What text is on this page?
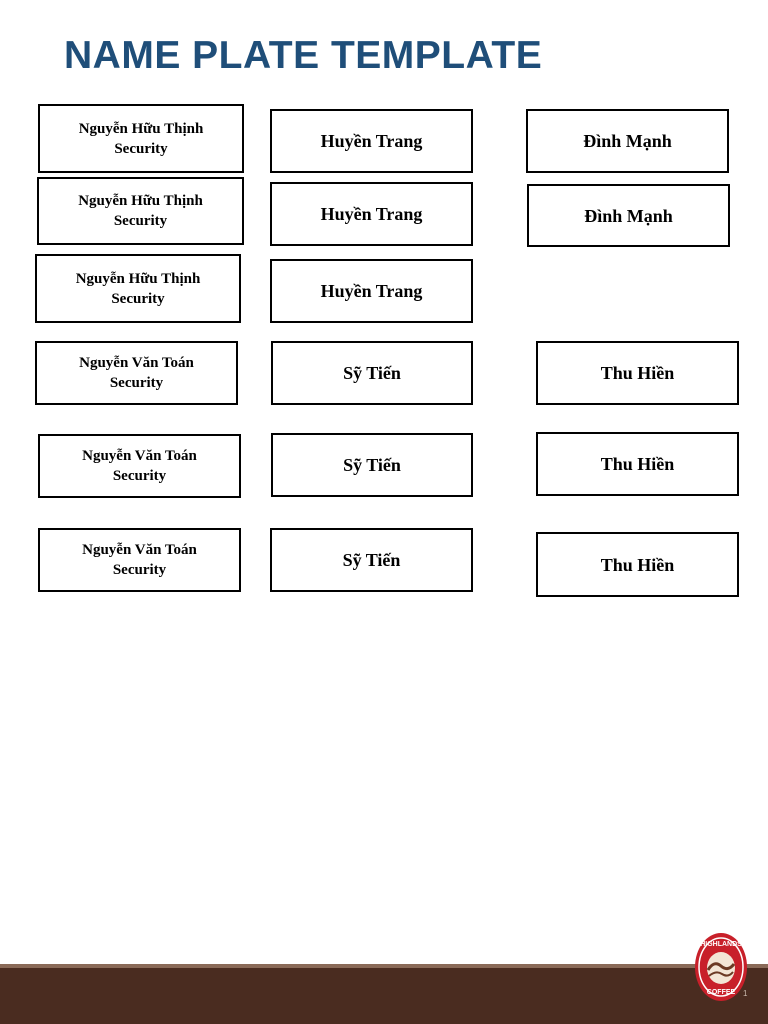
NAME PLATE TEMPLATE
Nguyễn Hữu Thịnh
Security	Huyền Trang	Đình Mạnh
Nguyễn Hữu Thịnh
Security	Huyền Trang	Đình Mạnh
Nguyễn Hữu Thịnh
Security	Huyền Trang
Nguyễn Văn Toán
Security	Sỹ Tiến	Thu Hiền
Nguyễn Văn Toán
Security
Sỹ Tiến	Thu Hiền
Nguyễn Văn Toán
Security	Sỹ Tiến	Thu Hiền
HIGHLANDS
COFFEE 1
